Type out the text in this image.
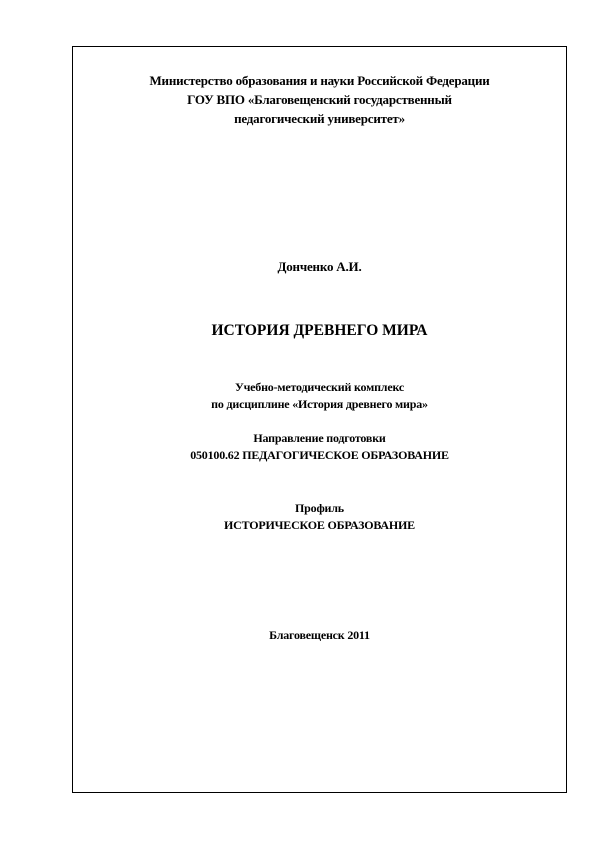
Министерство образования и науки Российской Федерации

ГОУ ВПО «Благовещенский государственный

педагогический университет»

Донченко А.И.

ИСТОРИЯ ДРЕВНЕГО МИРА

Учебно-методический комплекс

по дисциплине «История древнего мира»

Направление подготовки

050100.62 ПЕДАГОГИЧЕСКОЕ ОБРАЗОВАНИЕ

Профиль

ИСТОРИЧЕСКОЕ ОБРАЗОВАНИЕ

Благовещенск 2011
